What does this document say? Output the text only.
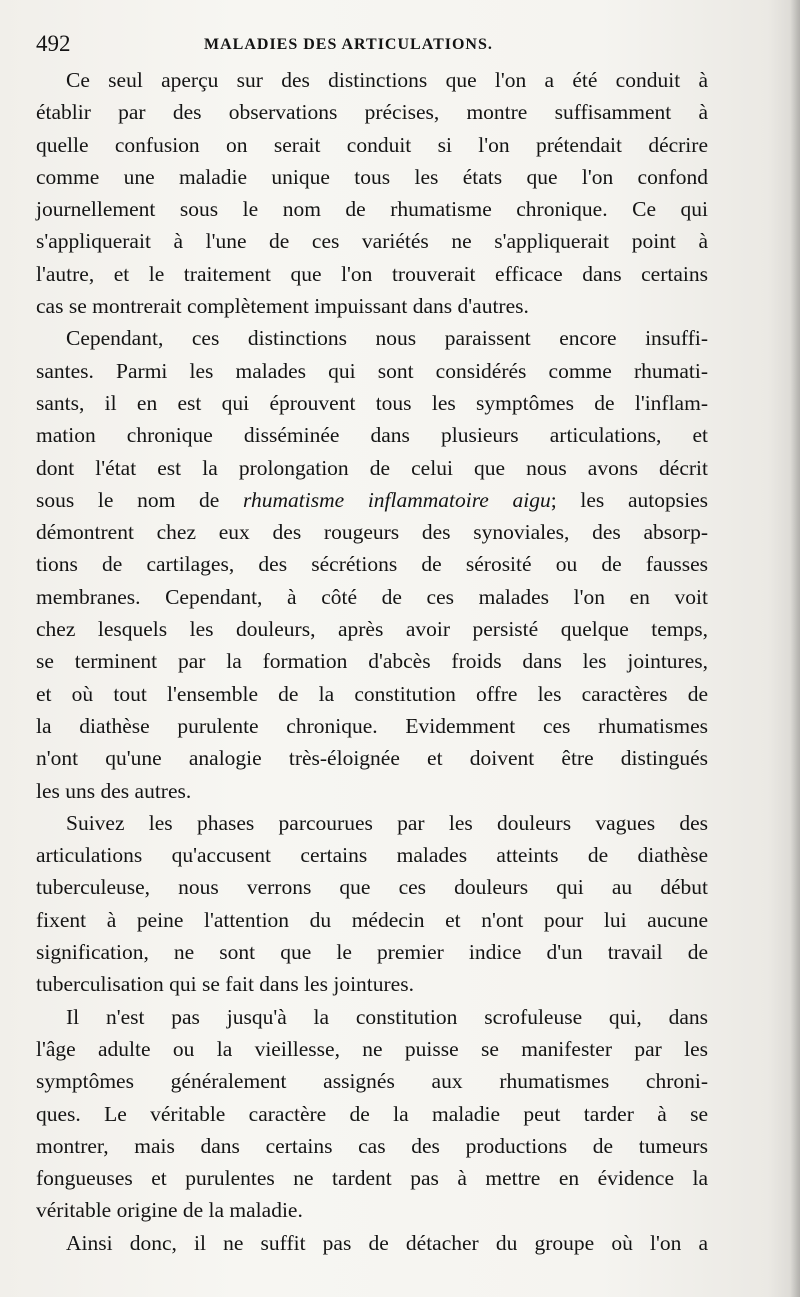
492	MALADIES DES ARTICULATIONS.
Ce seul aperçu sur des distinctions que l'on a été conduit à
établir par des observations précises, montre suffisamment à
quelle confusion on serait conduit si l'on prétendait décrire
comme une maladie unique tous les états que l'on confond
journellement sous le nom de rhumatisme chronique. Ce qui
s'appliquerait à l'une de ces variétés ne s'appliquerait point à
l'autre, et le traitement que l'on trouverait efficace dans certains
cas se montrerait complètement impuissant dans d'autres.
Cependant, ces distinctions nous paraissent encore insuffi-
santes. Parmi les malades qui sont considérés comme rhumati-
sants, il en est qui éprouvent tous les symptômes de l'inflam-
mation chronique disséminée dans plusieurs articulations, et
dont l'état est la prolongation de celui que nous avons décrit
sous le nom de rhumatisme inflammatoire aigu; les autopsies
démontrent chez eux des rougeurs des synoviales, des absorp-
tions de cartilages, des sécrétions de sérosité ou de fausses
membranes. Cependant, à côté de ces malades l'on en voit
chez lesquels les douleurs, après avoir persisté quelque temps,
se terminent par la formation d'abcès froids dans les jointures,
et où tout l'ensemble de la constitution offre les caractères de
la diathèse purulente chronique. Evidemment ces rhumatismes
n'ont qu'une analogie très-éloignée et doivent être distingués
les uns des autres.
Suivez les phases parcourues par les douleurs vagues des
articulations qu'accusent certains malades atteints de diathèse
tuberculeuse, nous verrons que ces douleurs qui au début
fixent à peine l'attention du médecin et n'ont pour lui aucune
signification, ne sont que le premier indice d'un travail de
tuberculisation qui se fait dans les jointures.
Il n'est pas jusqu'à la constitution scrofuleuse qui, dans
l'âge adulte ou la vieillesse, ne puisse se manifester par les
symptômes généralement assignés aux rhumatismes chroni-
ques. Le véritable caractère de la maladie peut tarder à se
montrer, mais dans certains cas des productions de tumeurs
fongueuses et purulentes ne tardent pas à mettre en évidence la
véritable origine de la maladie.
Ainsi donc, il ne suffit pas de détacher du groupe où l'on a
